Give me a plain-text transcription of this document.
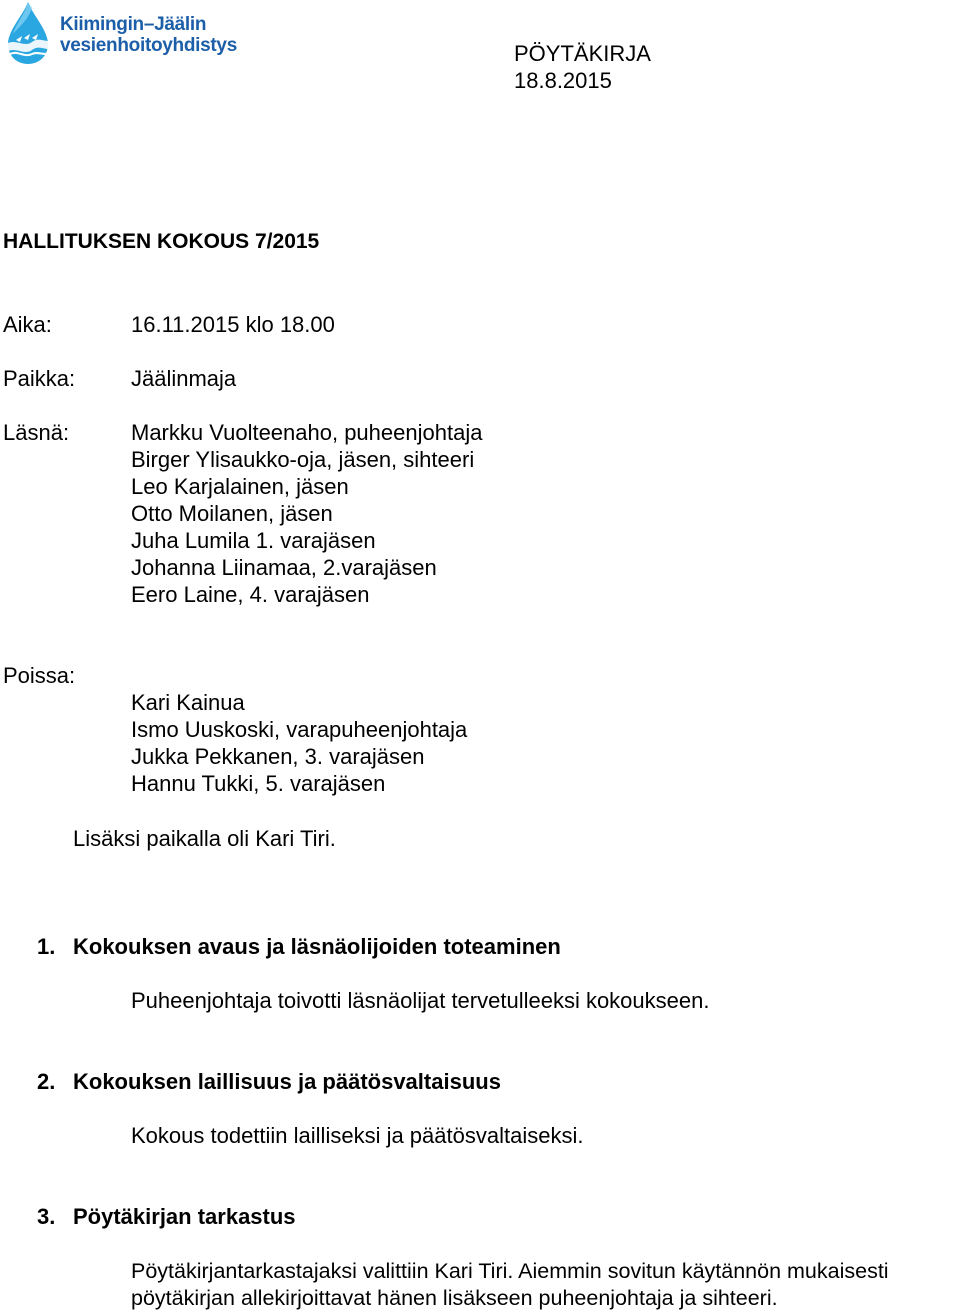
Kiimingin–Jäälin
vesienhoitoyhdistys	PÖYTÄKIRJA
18.8.2015
HALLITUKSEN KOKOUS 7/2015
Aika:	16.11.2015 klo 18.00
Paikka:	Jäälinmaja
Läsnä:	Markku Vuolteenaho, puheenjohtaja
Birger Ylisaukko-oja, jäsen, sihteeri
Leo Karjalainen, jäsen
Otto Moilanen, jäsen
Juha Lumila 1. varajäsen
Johanna Liinamaa, 2.varajäsen
Eero Laine, 4. varajäsen
Poissa:
Kari Kainua
Ismo Uuskoski, varapuheenjohtaja
Jukka Pekkanen, 3. varajäsen
Hannu Tukki, 5. varajäsen
Lisäksi paikalla oli Kari Tiri.
1. Kokouksen avaus ja läsnäolijoiden toteaminen
Puheenjohtaja toivotti läsnäolijat tervetulleeksi kokoukseen.
2. Kokouksen laillisuus ja päätösvaltaisuus
Kokous todettiin lailliseksi ja päätösvaltaiseksi.
3. Pöytäkirjan tarkastus
Pöytäkirjantarkastajaksi valittiin Kari Tiri. Aiemmin sovitun käytännön mukaisesti
pöytäkirjan allekirjoittavat hänen lisäkseen puheenjohtaja ja sihteeri.
